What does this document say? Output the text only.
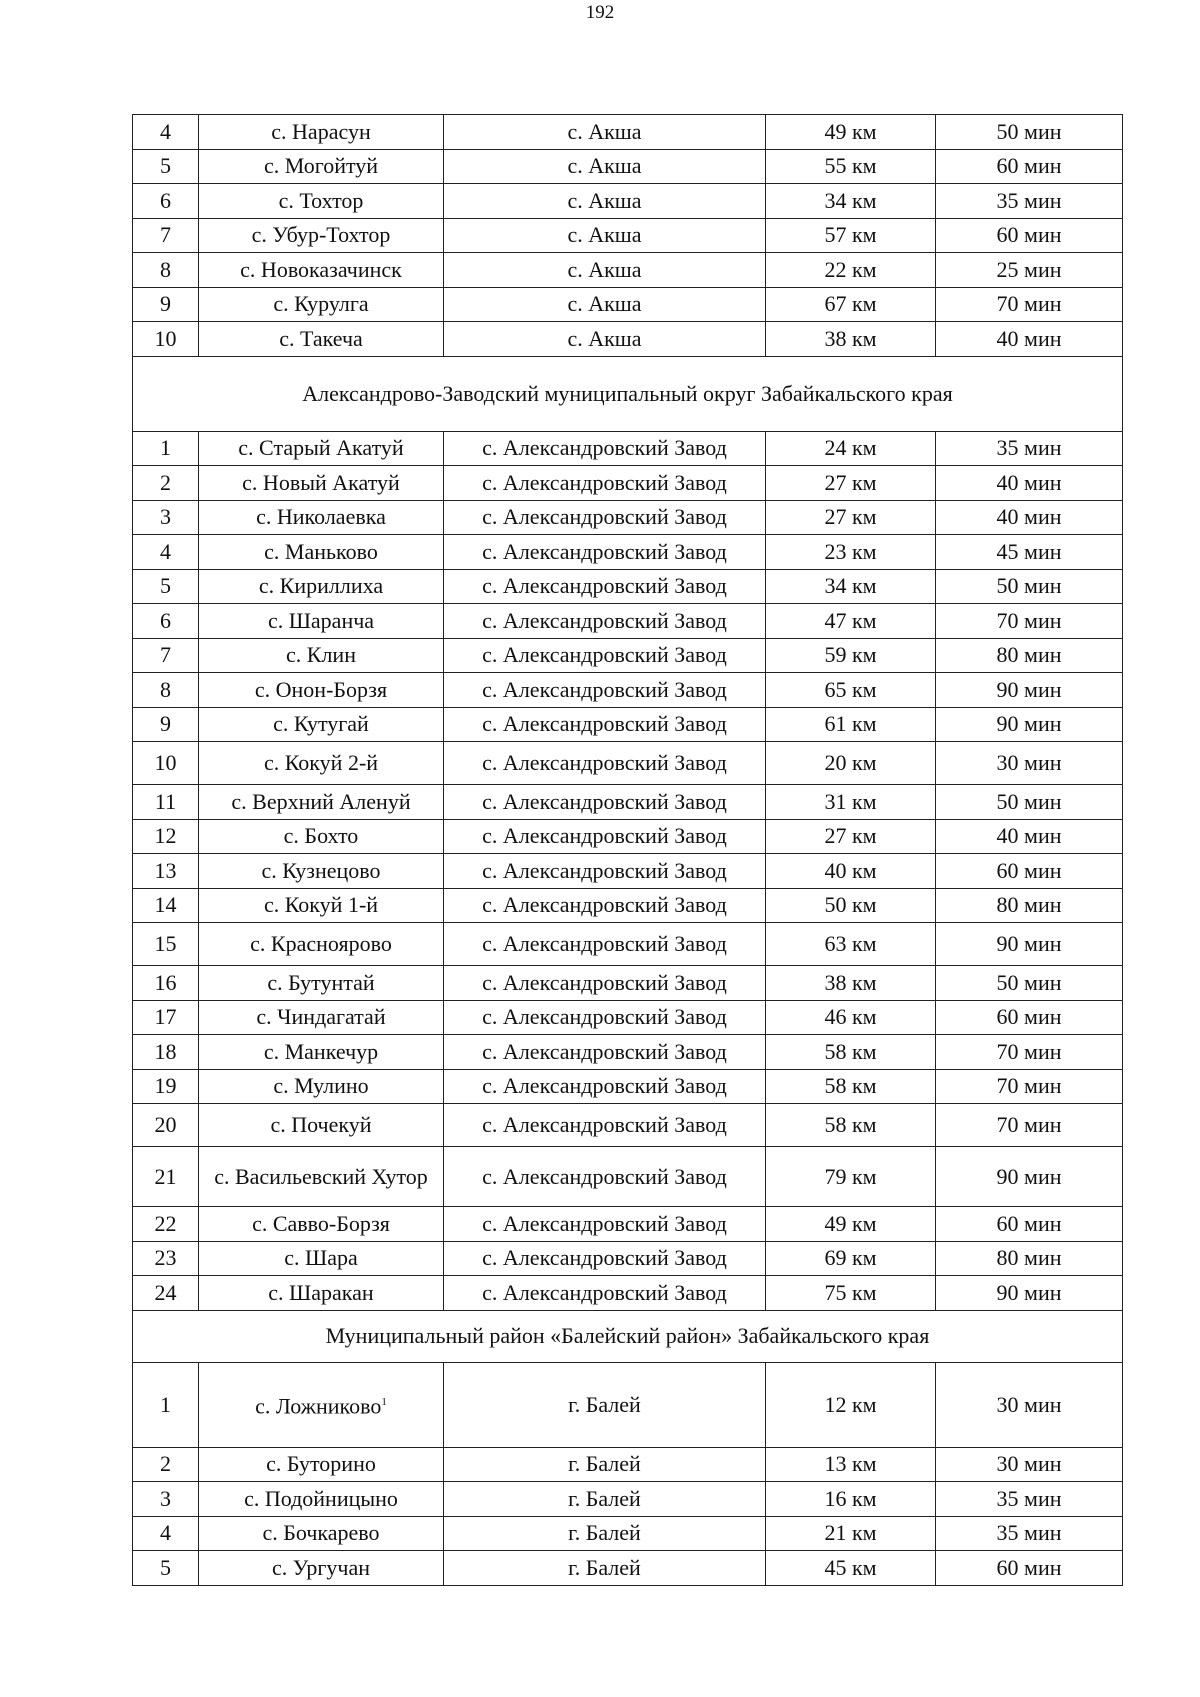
192
4	с. Нарасун	с. Акша	49 км	50 мин
5	с. Могойтуй	с. Акша	55 км	60 мин
6	с. Тохтор	с. Акша	34 км	35 мин
7	с. Убур-Тохтор	с. Акша	57 км	60 мин
8	с. Новоказачинск	с. Акша	22 км	25 мин
9	с. Курулга	с. Акша	67 км	70 мин
10	с. Такеча	с. Акша	38 км	40 мин
Александрово-Заводский муниципальный округ Забайкальского края				
1	с. Старый Акатуй	с. Александровский Завод	24 км	35 мин
2	с. Новый Акатуй	с. Александровский Завод	27 км	40 мин
3	с. Николаевка	с. Александровский Завод	27 км	40 мин
4	с. Маньково	с. Александровский Завод	23 км	45 мин
5	с. Кириллиха	с. Александровский Завод	34 км	50 мин
6	с. Шаранча	с. Александровский Завод	47 км	70 мин
7	с. Клин	с. Александровский Завод	59 км	80 мин
8	с. Онон-Борзя	с. Александровский Завод	65 км	90 мин
9	с. Кутугай	с. Александровский Завод	61 км	90 мин
10	с. Кокуй 2-й	с. Александровский Завод	20 км	30 мин
11	с. Верхний Аленуй	с. Александровский Завод	31 км	50 мин
12	с. Бохто	с. Александровский Завод	27 км	40 мин
13	с. Кузнецово	с. Александровский Завод	40 км	60 мин
14	с. Кокуй 1-й	с. Александровский Завод	50 км	80 мин
15	с. Красноярово	с. Александровский Завод	63 км	90 мин
16	с. Бутунтай	с. Александровский Завод	38 км	50 мин
17	с. Чиндагатай	с. Александровский Завод	46 км	60 мин
18	с. Манкечур	с. Александровский Завод	58 км	70 мин
19	с. Мулино	с. Александровский Завод	58 км	70 мин
20	с. Почекуй	с. Александровский Завод	58 км	70 мин
21	с. Васильевский Хутор	с. Александровский Завод	79 км	90 мин
22	с. Савво-Борзя	с. Александровский Завод	49 км	60 мин
23	с. Шара	с. Александровский Завод	69 км	80 мин
24	с. Шаракан	с. Александровский Завод	75 км	90 мин
Муниципальный район «Балейский район» Забайкальского края				
1	с. Ложниково$^1$	г. Балей	12 км	30 мин
2	с. Буторино	г. Балей	13 км	30 мин
3	с. Подойницыно	г. Балей	16 км	35 мин
4	с. Бочкарево	г. Балей	21 км	35 мин
5	с. Ургучан	г. Балей	45 км	60 мин
